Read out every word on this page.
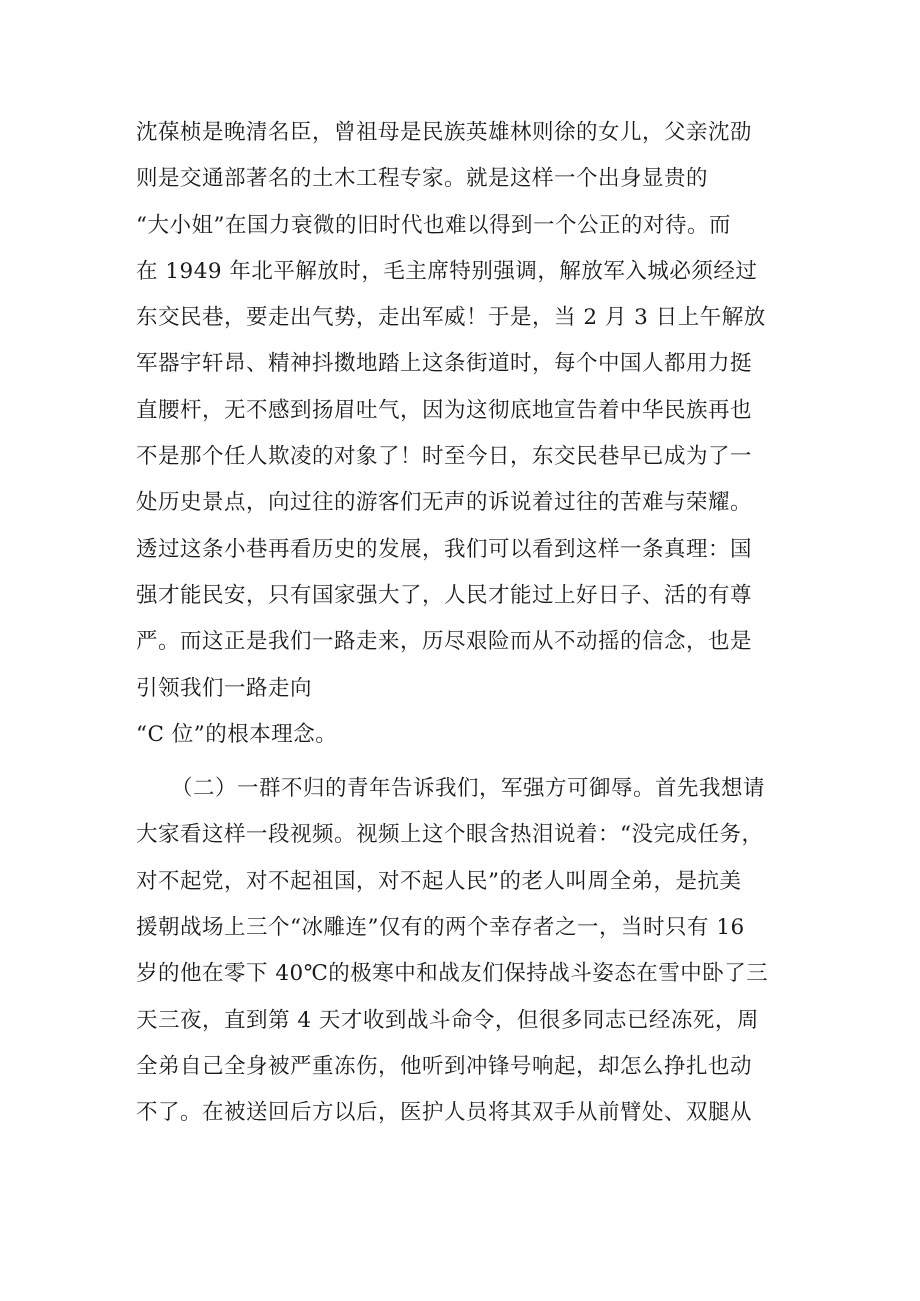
沈葆桢是晚清名臣，曾祖母是民族英雄林则徐的女儿，父亲沈劭
则是交通部著名的土木工程专家。就是这样一个出身显贵的
“大小姐”在国力衰微的旧时代也难以得到一个公正的对待。而
在 1949 年北平解放时，毛主席特别强调，解放军入城必须经过
东交民巷，要走出气势，走出军威！于是，当 2 月 3 日上午解放
军器宇轩昂、精神抖擞地踏上这条街道时，每个中国人都用力挺
直腰杆，无不感到扬眉吐气，因为这彻底地宣告着中华民族再也
不是那个任人欺凌的对象了！时至今日，东交民巷早已成为了一
处历史景点，向过往的游客们无声的诉说着过往的苦难与荣耀。
透过这条小巷再看历史的发展，我们可以看到这样一条真理：国
强才能民安，只有国家强大了，人民才能过上好日子、活的有尊
严。而这正是我们一路走来，历尽艰险而从不动摇的信念，也是
引领我们一路走向
“C 位”的根本理念。
（二）一群不归的青年告诉我们，军强方可御辱。首先我想请
大家看这样一段视频。视频上这个眼含热泪说着：“没完成任务，
对不起党，对不起祖国，对不起人民”的老人叫周全弟，是抗美
援朝战场上三个“冰雕连”仅有的两个幸存者之一，当时只有 16
岁的他在零下 40℃的极寒中和战友们保持战斗姿态在雪中卧了三
天三夜，直到第 4 天才收到战斗命令，但很多同志已经冻死，周
全弟自己全身被严重冻伤，他听到冲锋号响起，却怎么挣扎也动
不了。在被送回后方以后，医护人员将其双手从前臂处、双腿从
